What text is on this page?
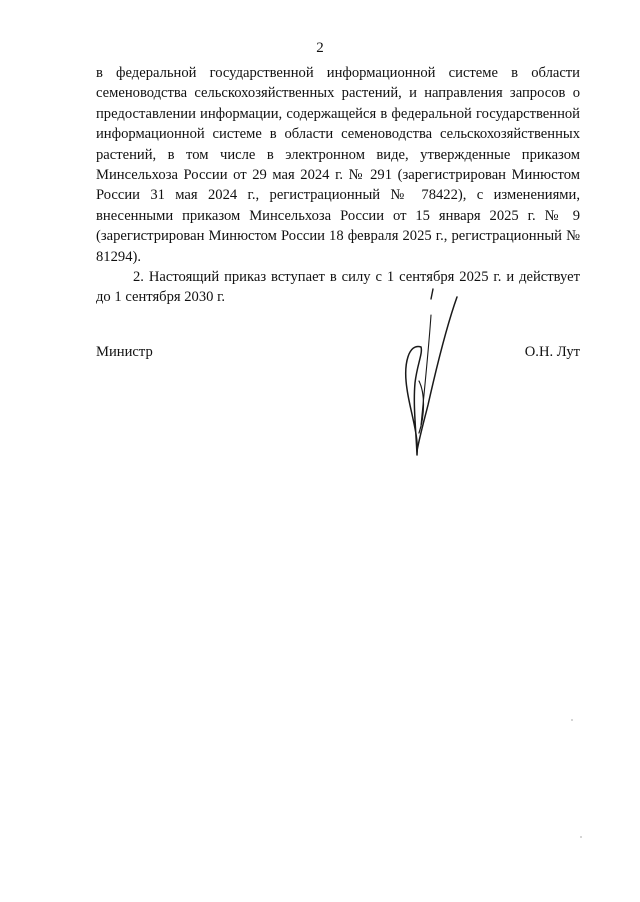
2

в федеральной государственной информационной системе в области семеноводства сельскохозяйственных растений, и направления запросов о предоставлении информации, содержащейся в федеральной государственной информационной системе в области семеноводства сельскохозяйственных растений, в том числе в электронном виде, утвержденные приказом Минсельхоза России от 29 мая 2024 г. № 291 (зарегистрирован Минюстом России 31 мая 2024 г., регистрационный № 78422), с изменениями, внесенными приказом Минсельхоза России от 15 января 2025 г. № 9 (зарегистрирован Минюстом России 18 февраля 2025 г., регистрационный № 81294).

2. Настоящий приказ вступает в силу с 1 сентября 2025 г. и действует до 1 сентября 2030 г.

Министр	О.Н. Лут
